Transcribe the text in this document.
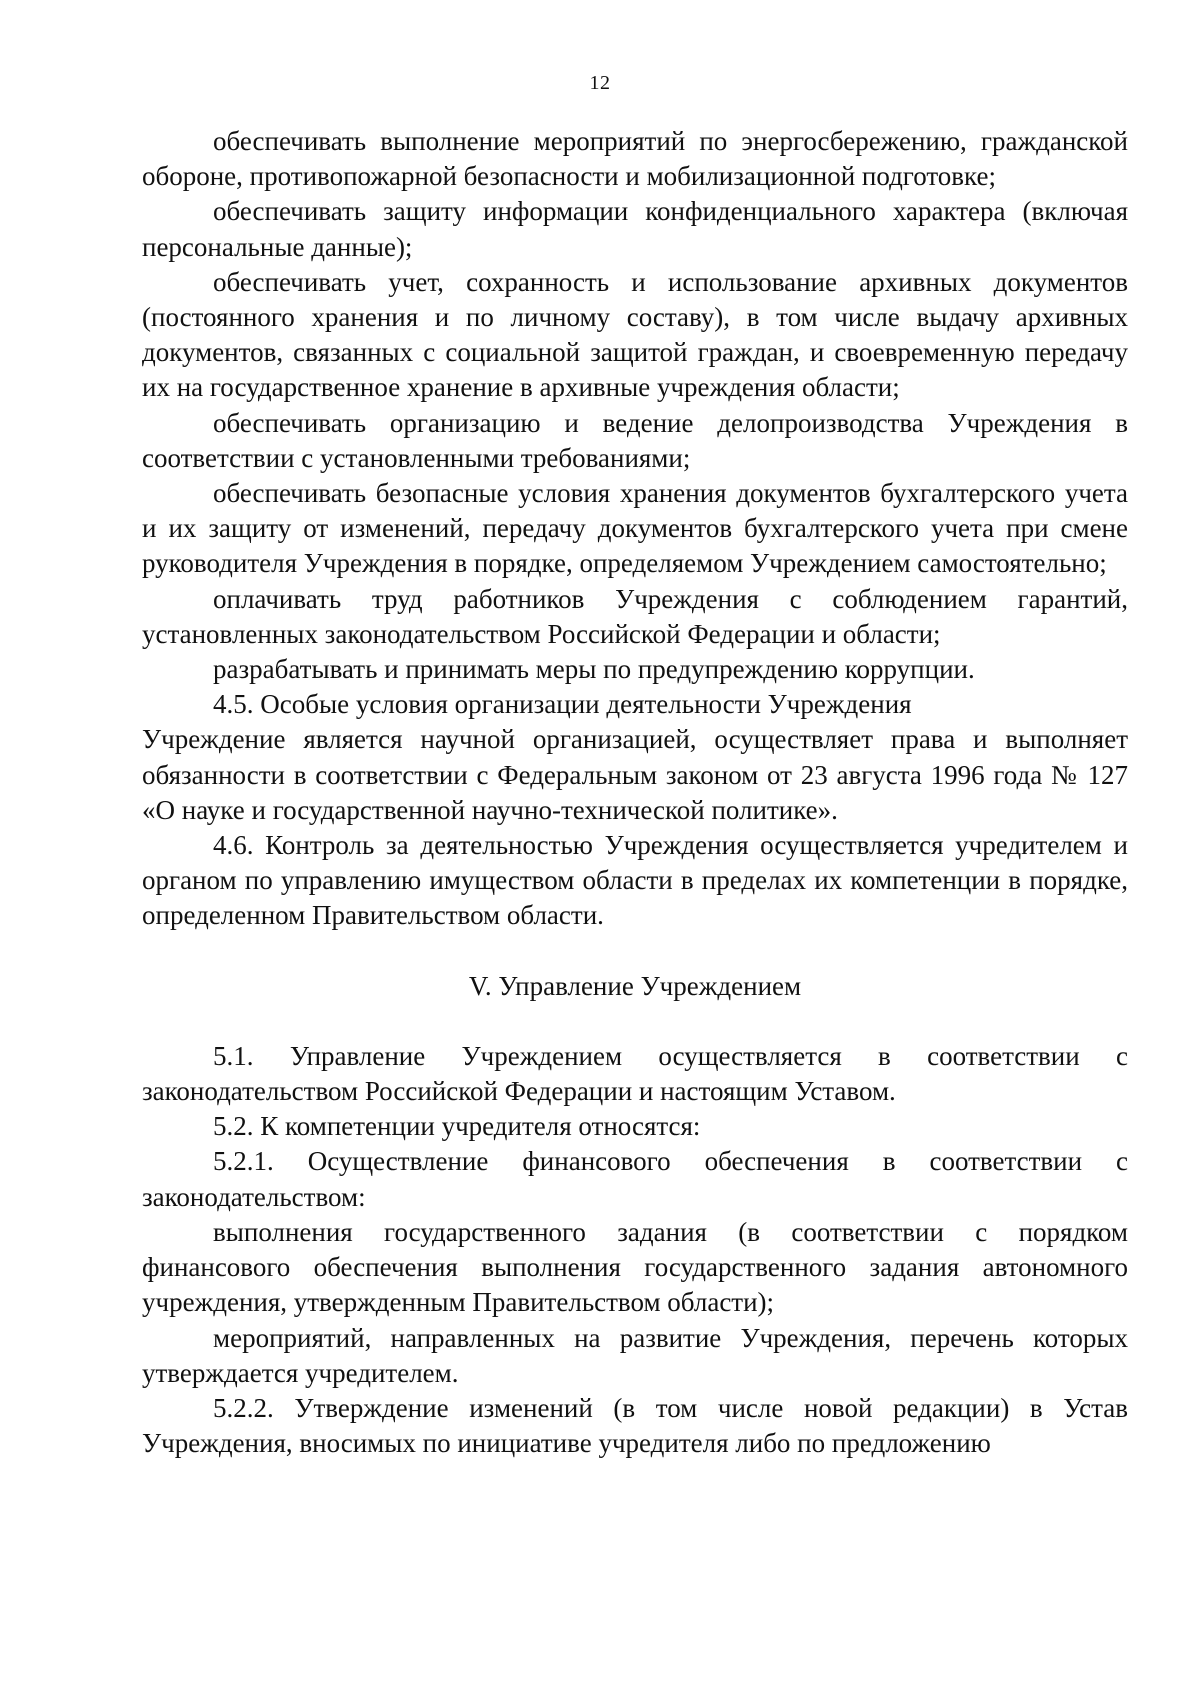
12

обеспечивать выполнение мероприятий по энергосбережению, гражданской обороне, противопожарной безопасности и мобилизационной подготовке;

обеспечивать защиту информации конфиденциального характера (включая персональные данные);

обеспечивать учет, сохранность и использование архивных документов (постоянного хранения и по личному составу), в том числе выдачу архивных документов, связанных с социальной защитой граждан, и своевременную передачу их на государственное хранение в архивные учреждения области;

обеспечивать организацию и ведение делопроизводства Учреждения в соответствии с установленными требованиями;

обеспечивать безопасные условия хранения документов бухгалтерского учета и их защиту от изменений, передачу документов бухгалтерского учета при смене руководителя Учреждения в порядке, определяемом Учреждением самостоятельно;

оплачивать труд работников Учреждения с соблюдением гарантий, установленных законодательством Российской Федерации и области;

разрабатывать и принимать меры по предупреждению коррупции.

4.5. Особые условия организации деятельности Учреждения

Учреждение является научной организацией, осуществляет права и выполняет обязанности в соответствии с Федеральным законом от 23 августа 1996 года № 127 «О науке и государственной научно-технической политике».

4.6. Контроль за деятельностью Учреждения осуществляется учредителем и органом по управлению имуществом области в пределах их компетенции в порядке, определенном Правительством области.

V. Управление Учреждением

5.1. Управление Учреждением осуществляется в соответствии с законодательством Российской Федерации и настоящим Уставом.

5.2. К компетенции учредителя относятся:

5.2.1. Осуществление финансового обеспечения в соответствии с законодательством:

выполнения государственного задания (в соответствии с порядком финансового обеспечения выполнения государственного задания автономного учреждения, утвержденным Правительством области);

мероприятий, направленных на развитие Учреждения, перечень которых утверждается учредителем.

5.2.2. Утверждение изменений (в том числе новой редакции) в Устав Учреждения, вносимых по инициативе учредителя либо по предложению
